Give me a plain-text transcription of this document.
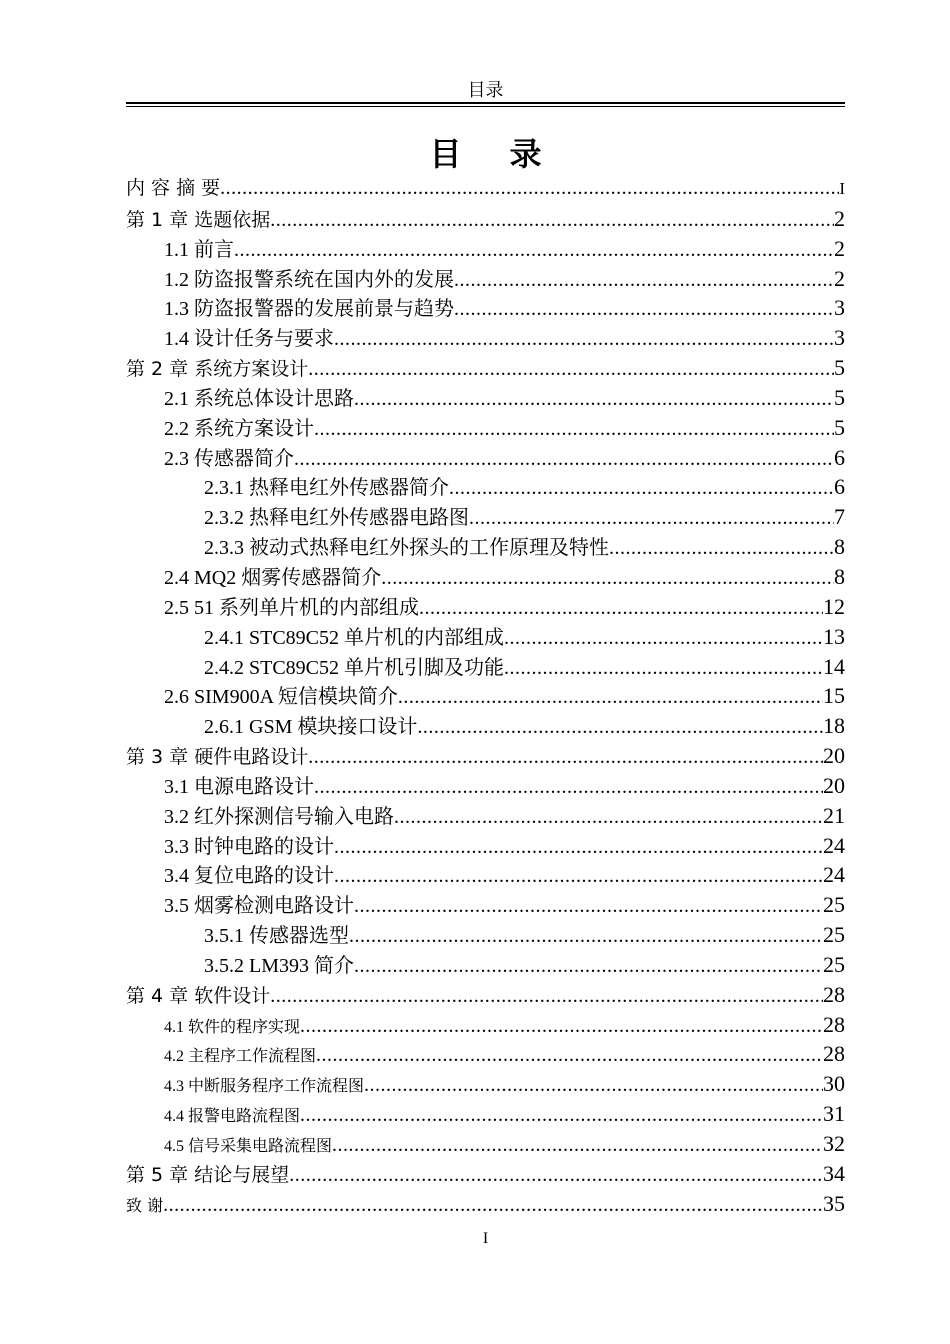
目录
目录
内 容 摘 要 .....	I
第 1 章 选题依据 .....	2
1.1 前言 .....	2
1.2 防盗报警系统在国内外的发展 .....	2
1.3 防盗报警器的发展前景与趋势 .....	3
1.4 设计任务与要求 .....	3
第 2 章 系统方案设计 .....	5
2.1 系统总体设计思路 .....	5
2.2 系统方案设计 .....	5
2.3 传感器简介 .....	6
2.3.1 热释电红外传感器简介 .....	6
2.3.2 热释电红外传感器电路图 .....	7
2.3.3 被动式热释电红外探头的工作原理及特性 .....	8
2.4 MQ2 烟雾传感器简介 .....	8
2.5 51 系列单片机的内部组成 .....	12
2.4.1 STC89C52 单片机的内部组成 .....	13
2.4.2 STC89C52 单片机引脚及功能 .....	14
2.6 SIM900A 短信模块简介 .....	15
2.6.1 GSM 模块接口设计 .....	18
第 3 章 硬件电路设计 .....	20
3.1 电源电路设计 .....	20
3.2 红外探测信号输入电路 .....	21
3.3 时钟电路的设计 .....	24
3.4 复位电路的设计 .....	24
3.5 烟雾检测电路设计 .....	25
3.5.1 传感器选型 .....	25
3.5.2 LM393 简介 .....	25
第 4 章 软件设计 .....	28
4.1 软件的程序实现 .....	28
4.2 主程序工作流程图 .....	28
4.3 中断服务程序工作流程图 .....	30
4.4 报警电路流程图 .....	31
4.5 信号采集电路流程图 .....	32
第 5 章 结论与展望 .....	34
致 谢 .....	35
I
